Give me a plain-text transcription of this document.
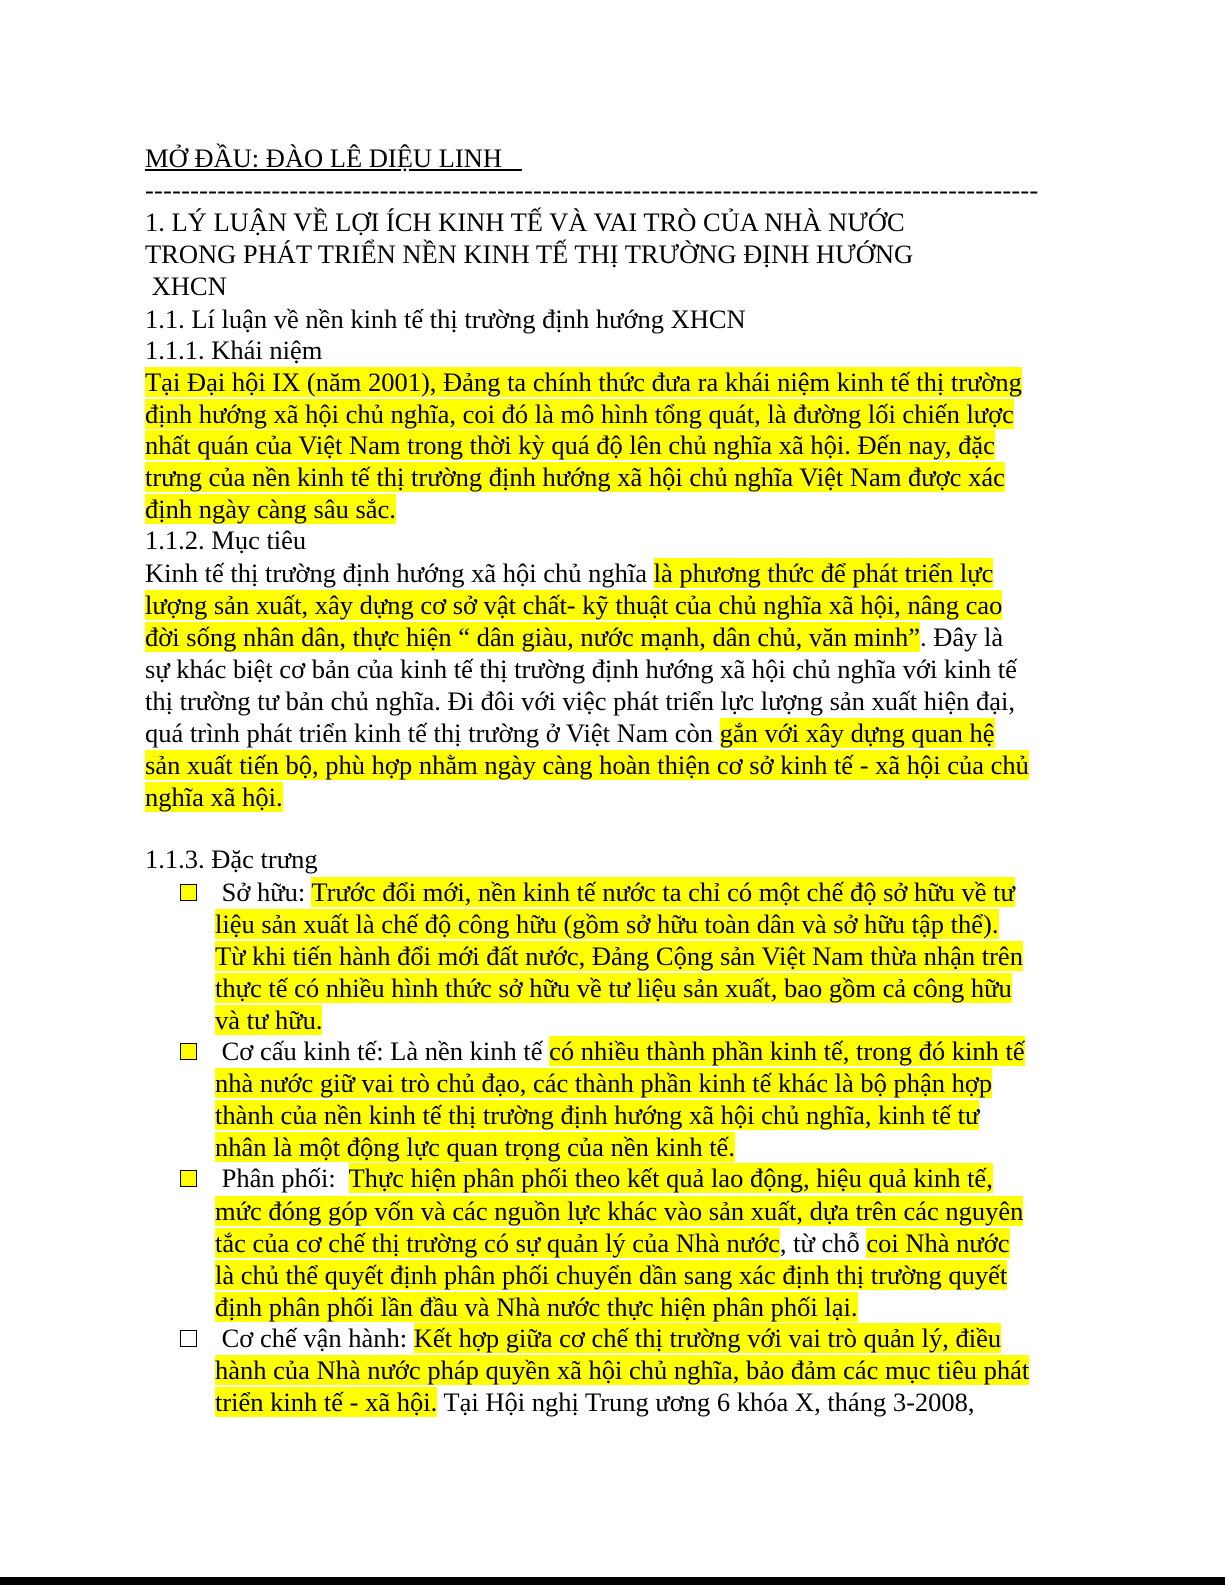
MỞ ĐẦU: ĐÀO LÊ DIỆU LINH
---------------------------------------------------------------------------------------------------
1. LÝ LUẬN VỀ LỢI ÍCH KINH TẾ VÀ VAI TRÒ CỦA NHÀ NƯỚC
TRONG PHÁT TRIỂN NỀN KINH TẾ THỊ TRƯỜNG ĐỊNH HƯỚNG
XHCN
1.1. Lí luận về nền kinh tế thị trường định hướng XHCN
1.1.1. Khái niệm
Tại Đại hội IX (năm 2001), Đảng ta chính thức đưa ra khái niệm kinh tế thị trường
định hướng xã hội chủ nghĩa, coi đó là mô hình tổng quát, là đường lối chiến lược
nhất quán của Việt Nam trong thời kỳ quá độ lên chủ nghĩa xã hội. Đến nay, đặc
trưng của nền kinh tế thị trường định hướng xã hội chủ nghĩa Việt Nam được xác
định ngày càng sâu sắc.
1.1.2. Mục tiêu
Kinh tế thị trường định hướng xã hội chủ nghĩa là phương thức để phát triển lực
lượng sản xuất, xây dựng cơ sở vật chất- kỹ thuật của chủ nghĩa xã hội, nâng cao
đời sống nhân dân, thực hiện “ dân giàu, nước mạnh, dân chủ, văn minh”. Đây là
sự khác biệt cơ bản của kinh tế thị trường định hướng xã hội chủ nghĩa với kinh tế
thị trường tư bản chủ nghĩa. Đi đôi với việc phát triển lực lượng sản xuất hiện đại,
quá trình phát triển kinh tế thị trường ở Việt Nam còn gắn với xây dựng quan hệ
sản xuất tiến bộ, phù hợp nhằm ngày càng hoàn thiện cơ sở kinh tế - xã hội của chủ
nghĩa xã hội.
1.1.3. Đặc trưng
Sở hữu: Trước đổi mới, nền kinh tế nước ta chỉ có một chế độ sở hữu về tư
liệu sản xuất là chế độ công hữu (gồm sở hữu toàn dân và sở hữu tập thể).
Từ khi tiến hành đổi mới đất nước, Đảng Cộng sản Việt Nam thừa nhận trên
thực tế có nhiều hình thức sở hữu về tư liệu sản xuất, bao gồm cả công hữu
và tư hữu.
Cơ cấu kinh tế: Là nền kinh tế có nhiều thành phần kinh tế, trong đó kinh tế
nhà nước giữ vai trò chủ đạo, các thành phần kinh tế khác là bộ phận hợp
thành của nền kinh tế thị trường định hướng xã hội chủ nghĩa, kinh tế tư
nhân là một động lực quan trọng của nền kinh tế.
Phân phối:  Thực hiện phân phối theo kết quả lao động, hiệu quả kinh tế,
mức đóng góp vốn và các nguồn lực khác vào sản xuất, dựa trên các nguyên
tắc của cơ chế thị trường có sự quản lý của Nhà nước, từ chỗ coi Nhà nước
là chủ thể quyết định phân phối chuyển dần sang xác định thị trường quyết
định phân phối lần đầu và Nhà nước thực hiện phân phối lại.
Cơ chế vận hành: Kết hợp giữa cơ chế thị trường với vai trò quản lý, điều
hành của Nhà nước pháp quyền xã hội chủ nghĩa, bảo đảm các mục tiêu phát
triển kinh tế - xã hội. Tại Hội nghị Trung ương 6 khóa X, tháng 3-2008,
